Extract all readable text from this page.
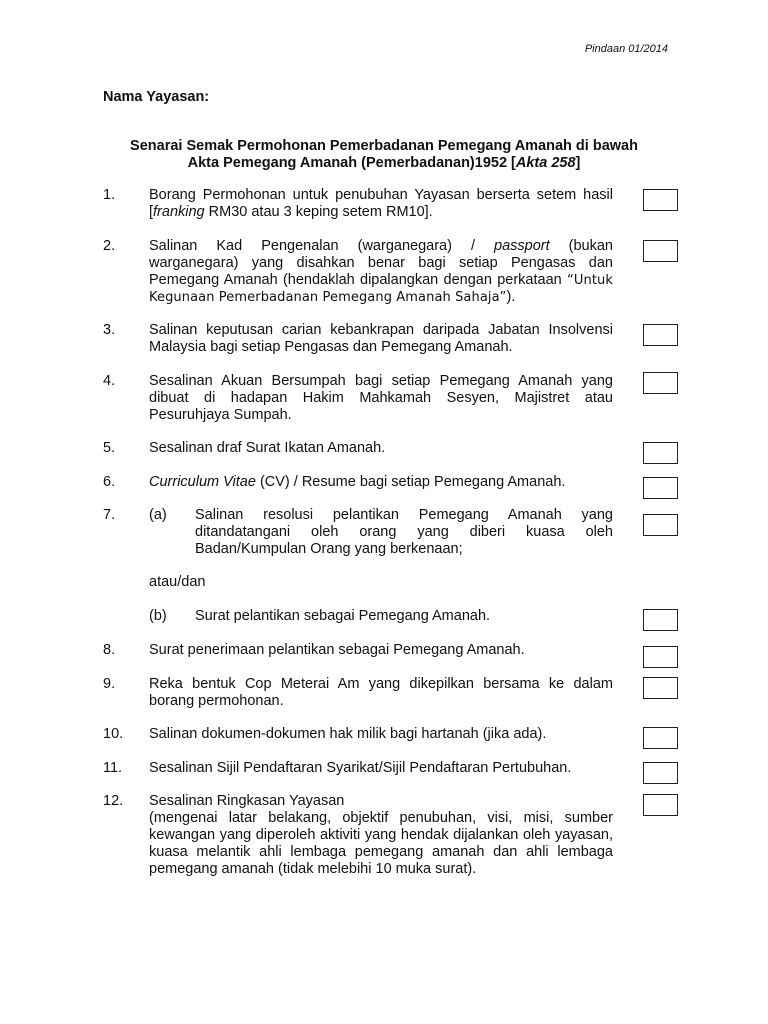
Pindaan 01/2014
Nama Yayasan:
Senarai Semak Permohonan Pemerbadanan Pemegang Amanah di bawah
Akta Pemegang Amanah (Pemerbadanan)1952 [Akta 258]
1. Borang Permohonan untuk penubuhan Yayasan berserta setem hasil [franking RM30 atau 3 keping setem RM10].
2. Salinan Kad Pengenalan (warganegara) / passport (bukan warganegara) yang disahkan benar bagi setiap Pengasas dan Pemegang Amanah (hendaklah dipalangkan dengan perkataan “Untuk Kegunaan Pemerbadanan Pemegang Amanah Sahaja”).
3. Salinan keputusan carian kebankrapan daripada Jabatan Insolvensi Malaysia bagi setiap Pengasas dan Pemegang Amanah.
4. Sesalinan Akuan Bersumpah bagi setiap Pemegang Amanah yang dibuat di hadapan Hakim Mahkamah Sesyen, Majistret atau Pesuruhjaya Sumpah.
5. Sesalinan draf Surat Ikatan Amanah.
6. Curriculum Vitae (CV) / Resume bagi setiap Pemegang Amanah.
7. (a) Salinan resolusi pelantikan Pemegang Amanah yang ditandatangani oleh orang yang diberi kuasa oleh Badan/Kumpulan Orang yang berkenaan;
atau/dan
(b) Surat pelantikan sebagai Pemegang Amanah.
8. Surat penerimaan pelantikan sebagai Pemegang Amanah.
9. Reka bentuk Cop Meterai Am yang dikepilkan bersama ke dalam borang permohonan.
10. Salinan dokumen-dokumen hak milik bagi hartanah (jika ada).
11. Sesalinan Sijil Pendaftaran Syarikat/Sijil Pendaftaran Pertubuhan.
12. Sesalinan Ringkasan Yayasan
(mengenai latar belakang, objektif penubuhan, visi, misi, sumber kewangan yang diperoleh aktiviti yang hendak dijalankan oleh yayasan, kuasa melantik ahli lembaga pemegang amanah dan ahli lembaga pemegang amanah (tidak melebihi 10 muka surat).
